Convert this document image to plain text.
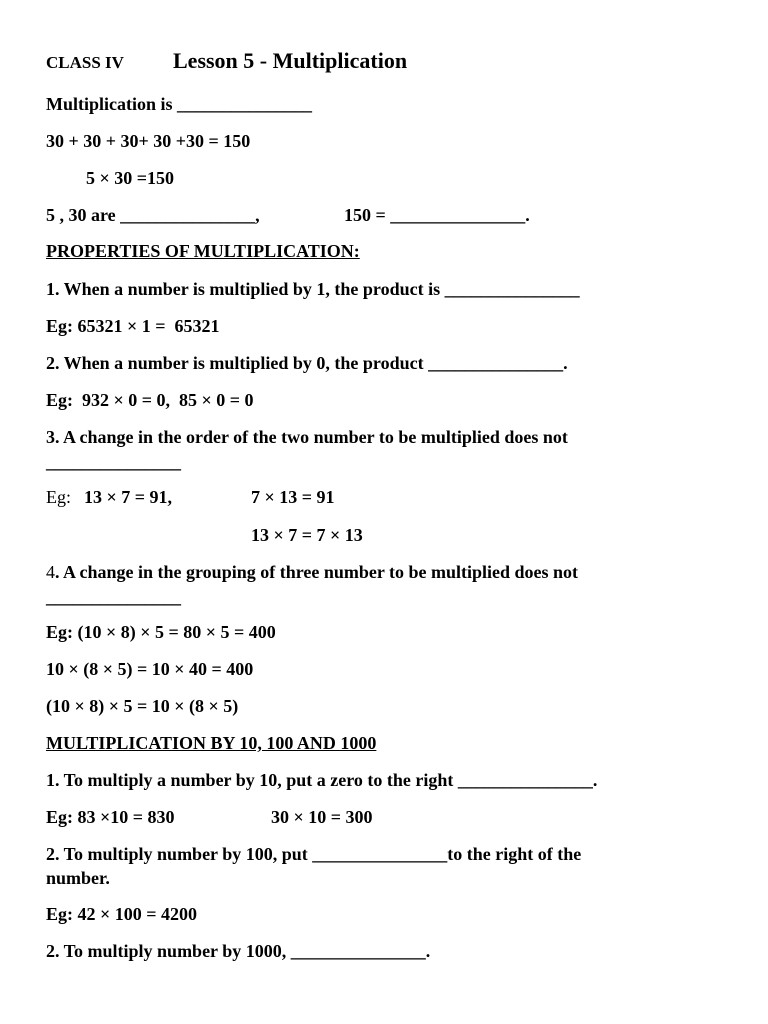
CLASS IV Lesson 5 - Multiplication
Multiplication is _______________
30 + 30 + 30+ 30 +30 = 150
5 × 30 =150
5 , 30 are _______________,	150 = _______________.
PROPERTIES OF MULTIPLICATION:
1. When a number is multiplied by 1, the product is _______________
Eg: 65321 × 1 =  65321
2. When a number is multiplied by 0, the product _______________.
Eg:  932 × 0 = 0,  85 × 0 = 0
3. A change in the order of the two number to be multiplied does not
_______________
Eg: 13 × 7 = 91,	7 × 13 = 91
13 × 7 = 7 × 13
4. A change in the grouping of three number to be multiplied does not
_______________
Eg: (10 × 8) × 5 = 80 × 5 = 400
10 × (8 × 5) = 10 × 40 = 400
(10 × 8) × 5 = 10 × (8 × 5)
MULTIPLICATION BY 10, 100 AND 1000
1. To multiply a number by 10, put a zero to the right _______________.
Eg: 83 ×10 = 830	30 × 10 = 300
2. To multiply number by 100, put _______________to the right of the
number.
Eg: 42 × 100 = 4200
2. To multiply number by 1000, _______________.
